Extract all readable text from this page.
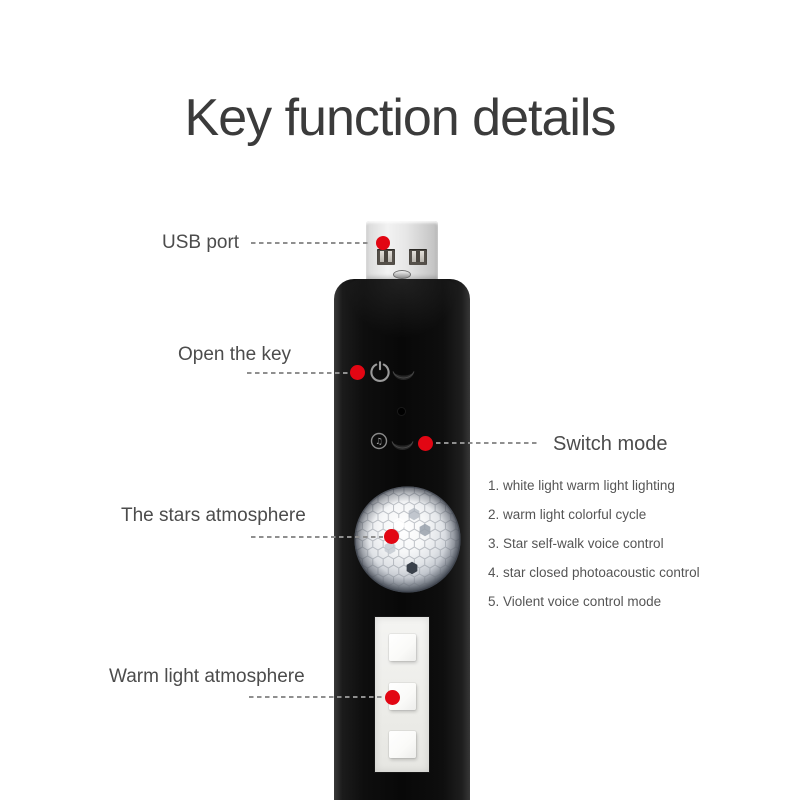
Key function details
♫
USB port
Open the key
Switch mode
1. white light warm light lighting
2. warm light colorful cycle
3. Star self-walk voice control
4. star closed photoacoustic control
5. Violent voice control mode
The stars atmosphere
Warm light atmosphere
